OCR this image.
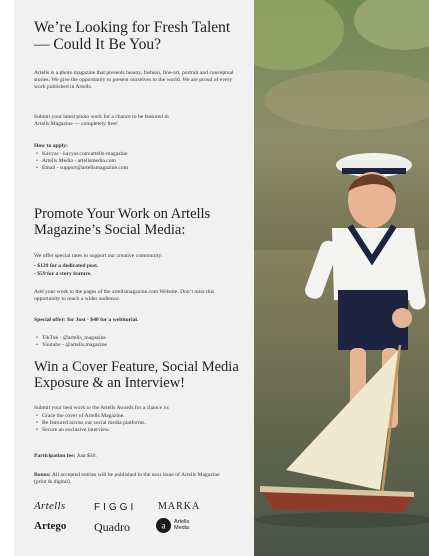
We’re Looking for Fresh Talent — Could It Be You?

Artells is a photo magazine that presents beauty, fashion, fine-art, portrait and conceptual stories. We give the opportunity to present ourselves to the world. We are proud of every work published in Artells.

Submit your latest photo work for a chance to be featured in Artells Magazine — completely free!

How to apply:

• Kavyar - kavyar.com/artells-magazine
• Artells Media - artellsmedia.com
• Email - support@artellsmagazine.com
Promote Your Work on Artells Magazine’s Social Media:

We offer special rates to support our creative community:

- $129 for a dedicated post.

- $59 for a story feature.

Add your work to the pages of the artellsmagazine.com Website. Don’t miss this opportunity to reach a wider audience.

Special offer: for Just - $40 for a webitorial.

• TikTok - @artells_magazine
• Youtube - @artells.magazine
Win a Cover Feature, Social Media Exposure & an Interview!

Submit your best work to the Artells Awards for a chance to:

• Grace the cover of Artells Magazine.
• Be featured across our social media platforms.
• Secure an exclusive interview.

Participation fee: Just $30.

Bonus: All accepted entries will be published in the next issue of Artells Magazine (print & digital).

Artells	FIGGI MARKA
Artego Quadro	a Artells
Media
